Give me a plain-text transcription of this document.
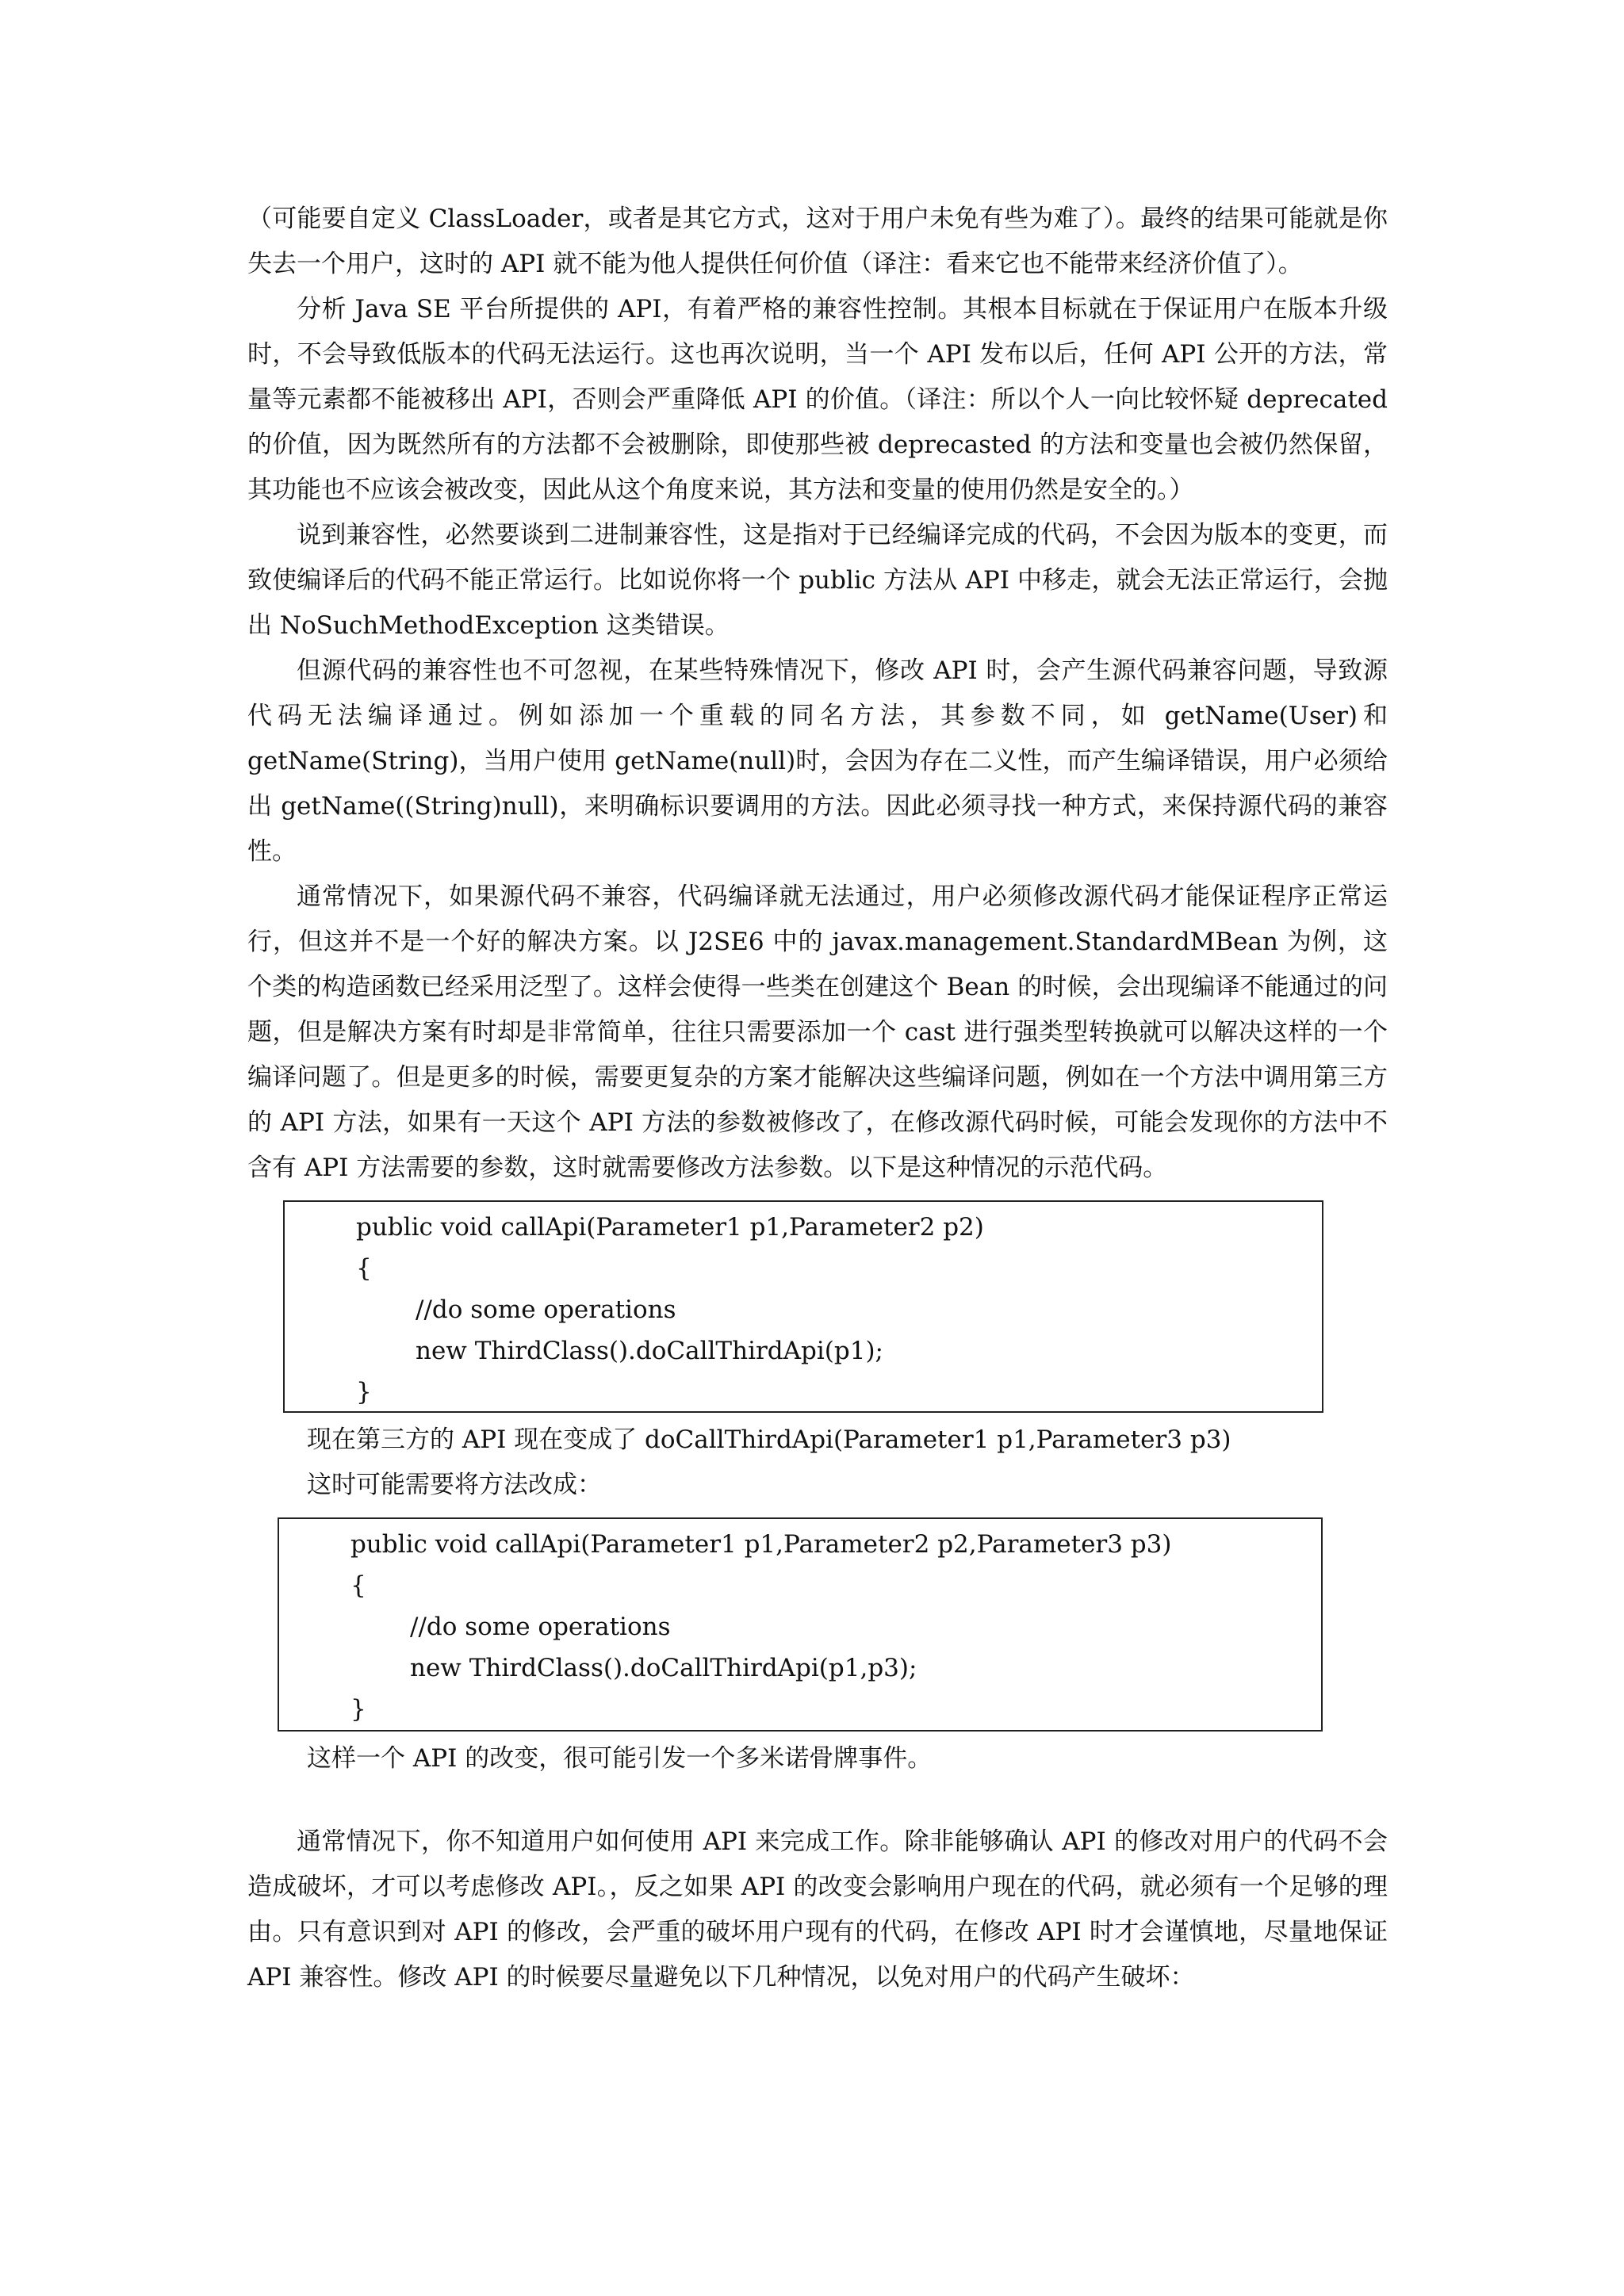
（可能要自定义 ClassLoader，或者是其它方式，这对于用户未免有些为难了）。最终的结果可能就是你失去一个用户，这时的 API 就不能为他人提供任何价值（译注：看来它也不能带来经济价值了）。

分析 Java SE 平台所提供的 API，有着严格的兼容性控制。其根本目标就在于保证用户在版本升级时，不会导致低版本的代码无法运行。这也再次说明，当一个 API 发布以后，任何 API 公开的方法，常量等元素都不能被移出 API，否则会严重降低 API 的价值。（译注：所以个人一向比较怀疑 deprecated 的价值，因为既然所有的方法都不会被删除，即使那些被 deprecasted 的方法和变量也会被仍然保留，其功能也不应该会被改变，因此从这个角度来说，其方法和变量的使用仍然是安全的。）

说到兼容性，必然要谈到二进制兼容性，这是指对于已经编译完成的代码，不会因为版本的变更，而致使编译后的代码不能正常运行。比如说你将一个 public 方法从 API 中移走，就会无法正常运行，会抛出 NoSuchMethodException 这类错误。

但源代码的兼容性也不可忽视，在某些特殊情况下，修改 API 时，会产生源代码兼容问题，导致源代码无法编译通过。例如添加一个重载的同名方法，其参数不同，如 getName(User)和 getName(String)，当用户使用 getName(null)时，会因为存在二义性，而产生编译错误，用户必须给出 getName((String)null)，来明确标识要调用的方法。因此必须寻找一种方式，来保持源代码的兼容性。

通常情况下，如果源代码不兼容，代码编译就无法通过，用户必须修改源代码才能保证程序正常运行，但这并不是一个好的解决方案。以 J2SE6 中的 javax.management.StandardMBean 为例，这个类的构造函数已经采用泛型了。这样会使得一些类在创建这个 Bean 的时候，会出现编译不能通过的问题，但是解决方案有时却是非常简单，往往只需要添加一个 cast 进行强类型转换就可以解决这样的一个编译问题了。但是更多的时候，需要更复杂的方案才能解决这些编译问题，例如在一个方法中调用第三方的 API 方法，如果有一天这个 API 方法的参数被修改了，在修改源代码时候，可能会发现你的方法中不含有 API 方法需要的参数，这时就需要修改方法参数。以下是这种情况的示范代码。

public void callApi(Parameter1 p1,Parameter2 p2)
{
//do some operations
new ThirdClass().doCallThirdApi(p1);
}

现在第三方的 API 现在变成了 doCallThirdApi(Parameter1 p1,Parameter3 p3)

这时可能需要将方法改成：

public void callApi(Parameter1 p1,Parameter2 p2,Parameter3 p3)
{
//do some operations
new ThirdClass().doCallThirdApi(p1,p3);
}

这样一个 API 的改变，很可能引发一个多米诺骨牌事件。

通常情况下，你不知道用户如何使用 API 来完成工作。除非能够确认 API 的修改对用户的代码不会造成破坏，才可以考虑修改 API。，反之如果 API 的改变会影响用户现在的代码，就必须有一个足够的理由。只有意识到对 API 的修改，会严重的破坏用户现有的代码，在修改 API 时才会谨慎地，尽量地保证 API 兼容性。修改 API 的时候要尽量避免以下几种情况，以免对用户的代码产生破坏：
